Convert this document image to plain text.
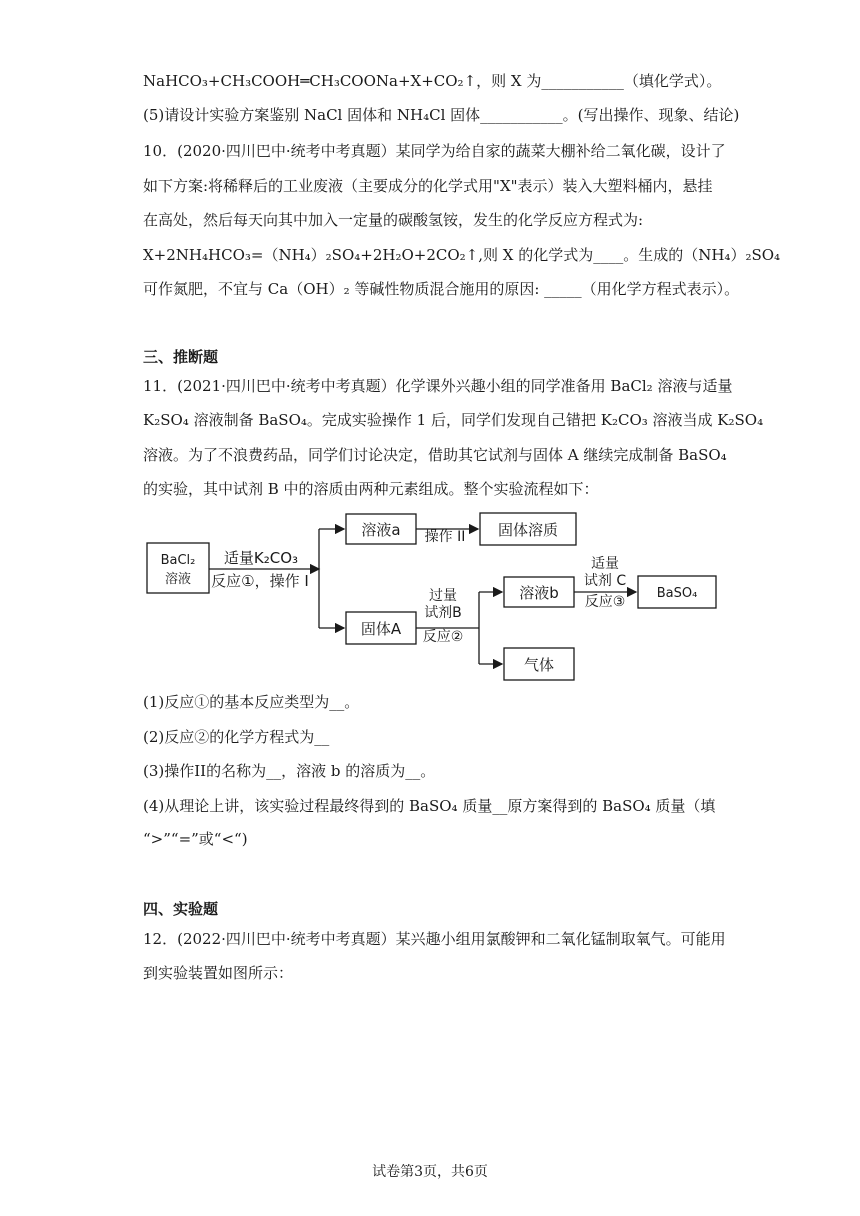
NaHCO₃+CH₃COOH═CH₃COONa+X+CO₂↑，则 X 为___________（填化学式）。
(5)请设计实验方案鉴别 NaCl 固体和 NH₄Cl 固体___________。(写出操作、现象、结论)
10．(2020·四川巴中·统考中考真题）某同学为给自家的蔬菜大棚补给二氧化碳，设计了
如下方案:将稀释后的工业废液（主要成分的化学式用"X"表示）装入大塑料桶内，悬挂
在高处，然后每天向其中加入一定量的碳酸氢铵，发生的化学反应方程式为:
X+2NH₄HCO₃=（NH₄）₂SO₄+2H₂O+2CO₂↑,则 X 的化学式为____。生成的（NH₄）₂SO₄
可作氮肥，不宜与 Ca（OH）₂ 等碱性物质混合施用的原因: _____（用化学方程式表示）。
三、推断题
11．(2021·四川巴中·统考中考真题）化学课外兴趣小组的同学准备用 BaCl₂ 溶液与适量
K₂SO₄ 溶液制备 BaSO₄。完成实验操作 1 后，同学们发现自己错把 K₂CO₃ 溶液当成 K₂SO₄
溶液。为了不浪费药品，同学们讨论决定，借助其它试剂与固体 A 继续完成制备 BaSO₄
的实验，其中试剂 B 中的溶质由两种元素组成。整个实验流程如下：
BaCl₂
溶液
适量K₂CO₃
反应①，操作 I
溶液a 操作 II 固体溶质
固体A
过量
试剂B
反应②
溶液b
适量
试剂 C
反应③
BaSO₄
气体
(1)反应①的基本反应类型为__。
(2)反应②的化学方程式为__
(3)操作II的名称为__，溶液 b 的溶质为__。
(4)从理论上讲，该实验过程最终得到的 BaSO₄ 质量__原方案得到的 BaSO₄ 质量（填
“>”“=”或“<“)
四、实验题
12．(2022·四川巴中·统考中考真题）某兴趣小组用氯酸钾和二氧化锰制取氧气。可能用
到实验装置如图所示：
试卷第3页，共6页
